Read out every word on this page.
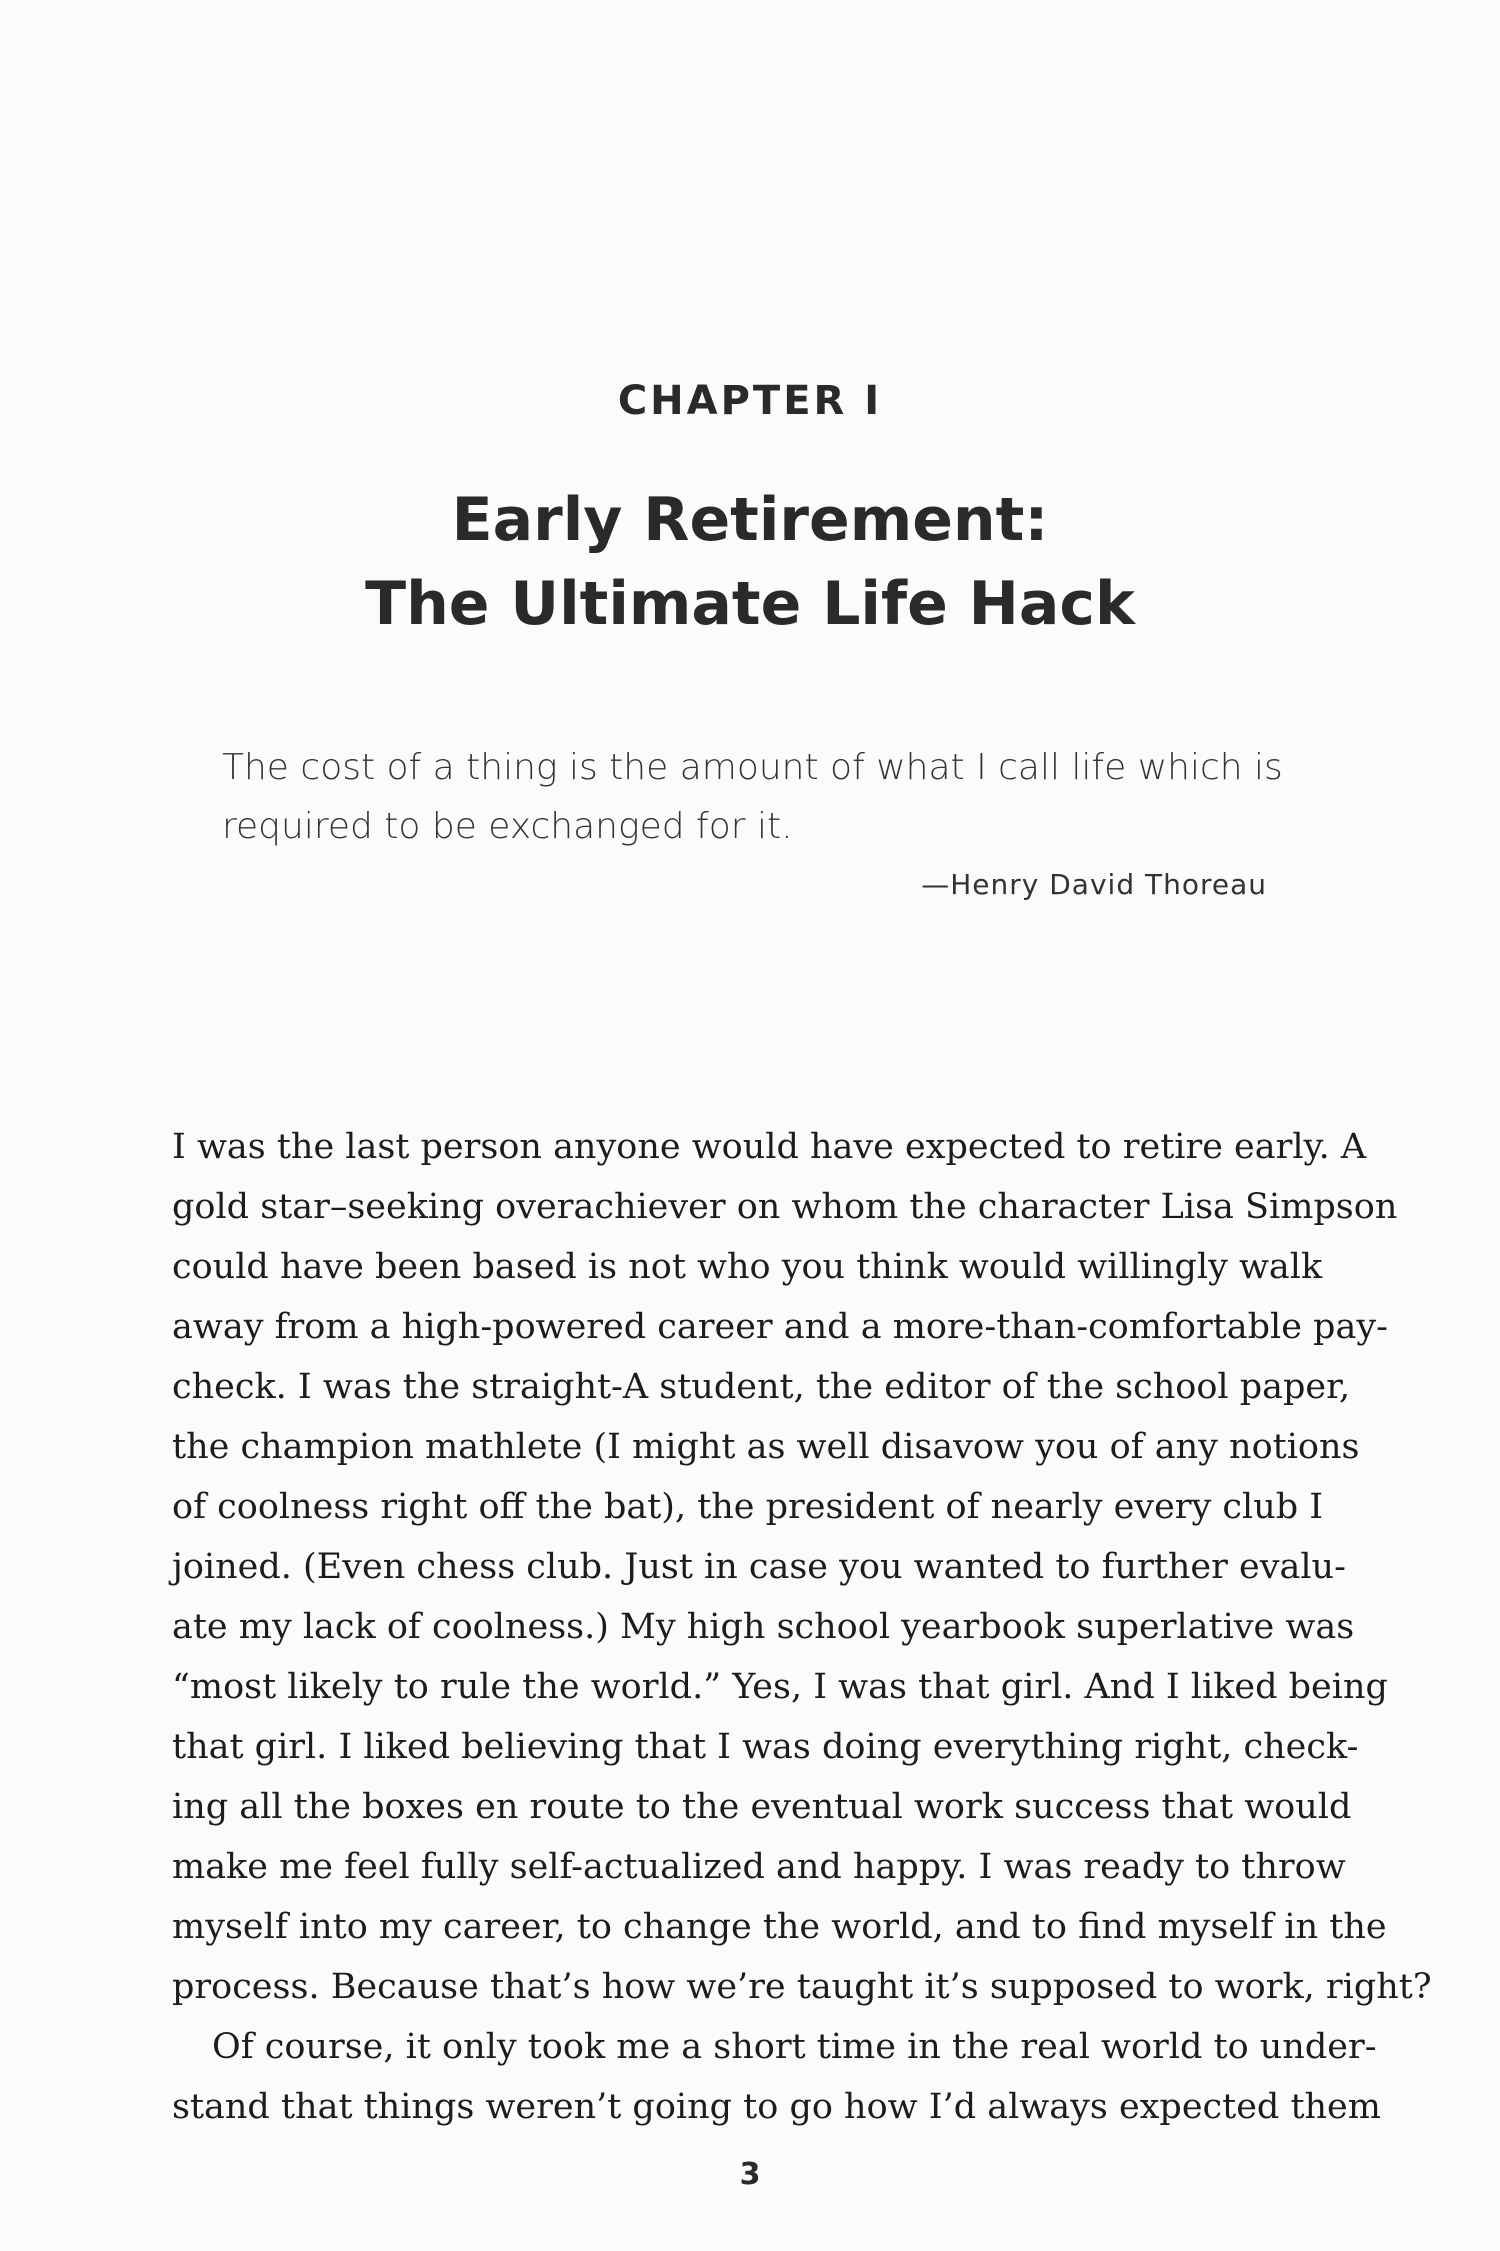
CHAPTER I
Early Retirement:
The Ultimate Life Hack
The cost of a thing is the amount of what I call life which is
required to be exchanged for it.
—Henry David Thoreau
I was the last person anyone would have expected to retire early. A
gold star–seeking overachiever on whom the character Lisa Simpson
could have been based is not who you think would willingly walk
away from a high-powered career and a more-than-comfortable pay-
check. I was the straight-A student, the editor of the school paper,
the champion mathlete (I might as well disavow you of any notions
of coolness right off the bat), the president of nearly every club I
joined. (Even chess club. Just in case you wanted to further evalu-
ate my lack of coolness.) My high school yearbook superlative was
“most likely to rule the world.” Yes, I was that girl. And I liked being
that girl. I liked believing that I was doing everything right, check-
ing all the boxes en route to the eventual work success that would
make me feel fully self-actualized and happy. I was ready to throw
myself into my career, to change the world, and to find myself in the
process. Because that’s how we’re taught it’s supposed to work, right?
Of course, it only took me a short time in the real world to under-
stand that things weren’t going to go how I’d always expected them
3
